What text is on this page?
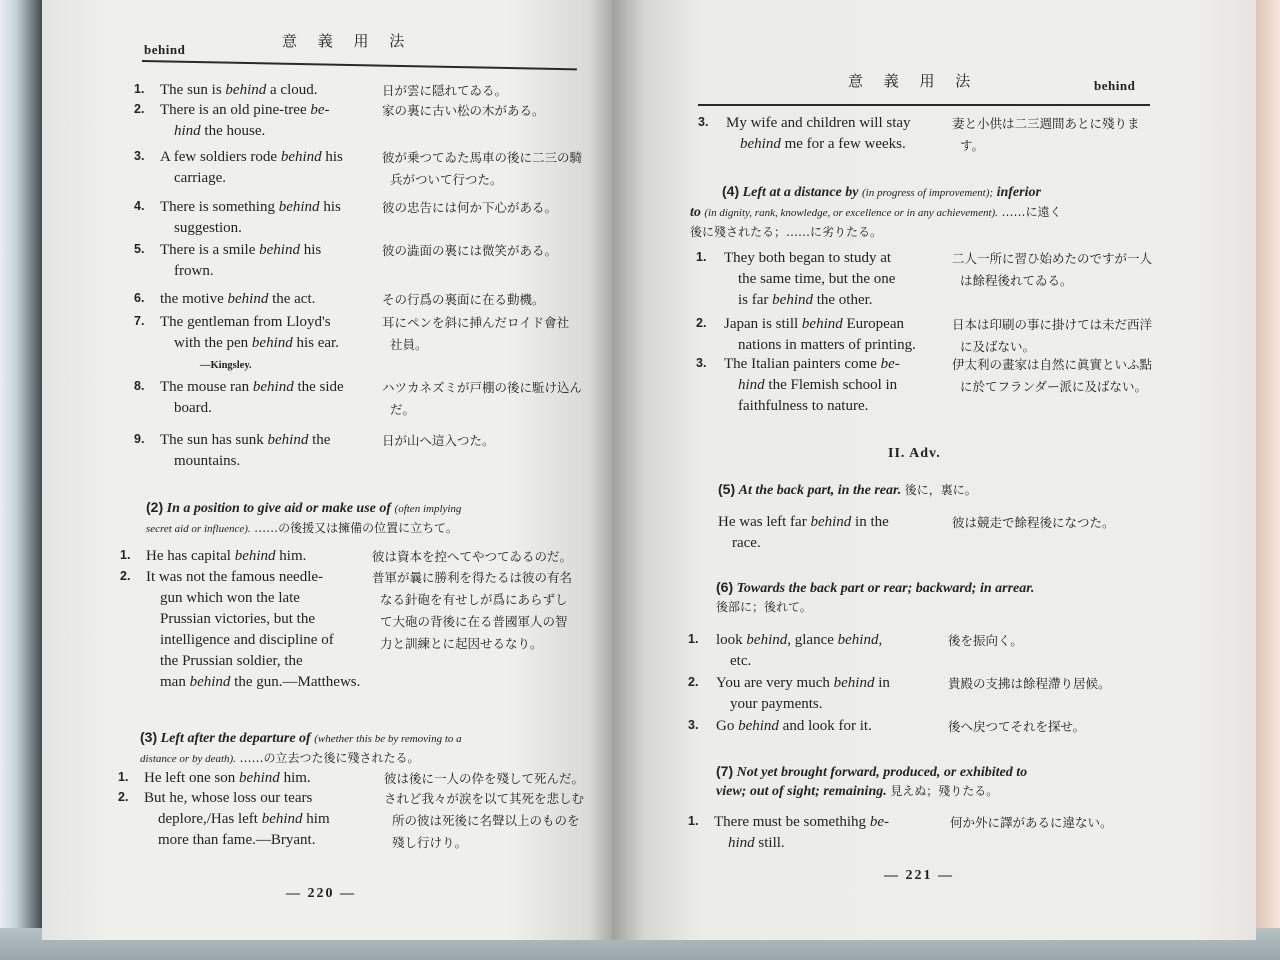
behind	意 義 用 法
1. The sun is behind a cloud.	日が雲に隠れてゐる。
2. There is an old pine-tree be-
hind the house.
家の裏に古い松の木がある。
3. A few soldiers rode behind his
carriage.
彼が乗つてゐた馬車の後に二三の騎
兵がついて行つた。
4. There is something behind his
suggestion.
彼の忠告には何か下心がある。
5. There is a smile behind his
frown.
彼の澁面の裏には微笑がある。
6. the motive behind the act.	その行爲の裏面に在る動機。
7. The gentleman from Lloyd's
with the pen behind his ear.
—Kingsley.
耳にペンを斜に挿んだロイド會社
社員。
8. The mouse ran behind the side
board.
ハツカネズミが戸棚の後に駈け込ん
だ。
9. The sun has sunk behind the
mountains.
日が山へ這入つた。
(2) In a position to give aid or make use of (often implying
secret aid or influence). ……の後援又は擁備の位置に立ちて。
1. He has capital behind him.	彼は資本を控へてやつてゐるのだ。
2. It was not the famous needle-
gun which won the late
Prussian victories, but the
intelligence and discipline of
the Prussian soldier, the
man behind the gun.—Matthews.
普軍が曩に勝利を得たるは彼の有名
なる針砲を有せしが爲にあらずし
て大砲の背後に在る普國軍人の智
力と訓練とに起因せるなり。
(3) Left after the departure of (whether this be by removing to a
distance or by death). ……の立去つた後に殘されたる。
1. He left one son behind him.	彼は後に一人の伜を殘して死んだ。
2. But he, whose loss our tears
deplore,/Has left behind him
more than fame.—Bryant.
されど我々が涙を以て其死を悲しむ
所の彼は死後に名聲以上のものを
殘し行けり。
— 220 —
意 義 用 法	behind
3. My wife and children will stay
behind me for a few weeks.
妻と小供は二三週間あとに殘りま
す。
(4) Left at a distance by (in progress of improvement); inferior
to (in dignity, rank, knowledge, or excellence or in any achievement). ……に遠く
後に殘されたる；……に劣りたる。
1. They both began to study at
the same time, but the one
is far behind the other.
二人一所に習ひ始めたのですが一人
は餘程後れてゐる。
2. Japan is still behind European
nations in matters of printing.
日本は印刷の事に掛けては未だ西洋
に及ばない。
3. The Italian painters come be-
hind the Flemish school in
faithfulness to nature.
伊太利の畫家は自然に眞實といふ點
に於てフランダー派に及ばない。
II. Adv.
(5) At the back part, in the rear. 後に，裏に。
He was left far behind in the
race.
彼は競走で餘程後になつた。
(6) Towards the back part or rear; backward; in arrear.
後部に；後れて。
1. look behind, glance behind,
etc.
後を振向く。
2. You are very much behind in
your payments.
貴殿の支拂は餘程滯り居候。
3. Go behind and look for it.	後へ戻つてそれを探せ。
(7) Not yet brought forward, produced, or exhibited to
view; out of sight; remaining. 見えぬ；殘りたる。
1. There must be somethihg be-
hind still.
何か外に譯があるに違ない。
— 221 —
